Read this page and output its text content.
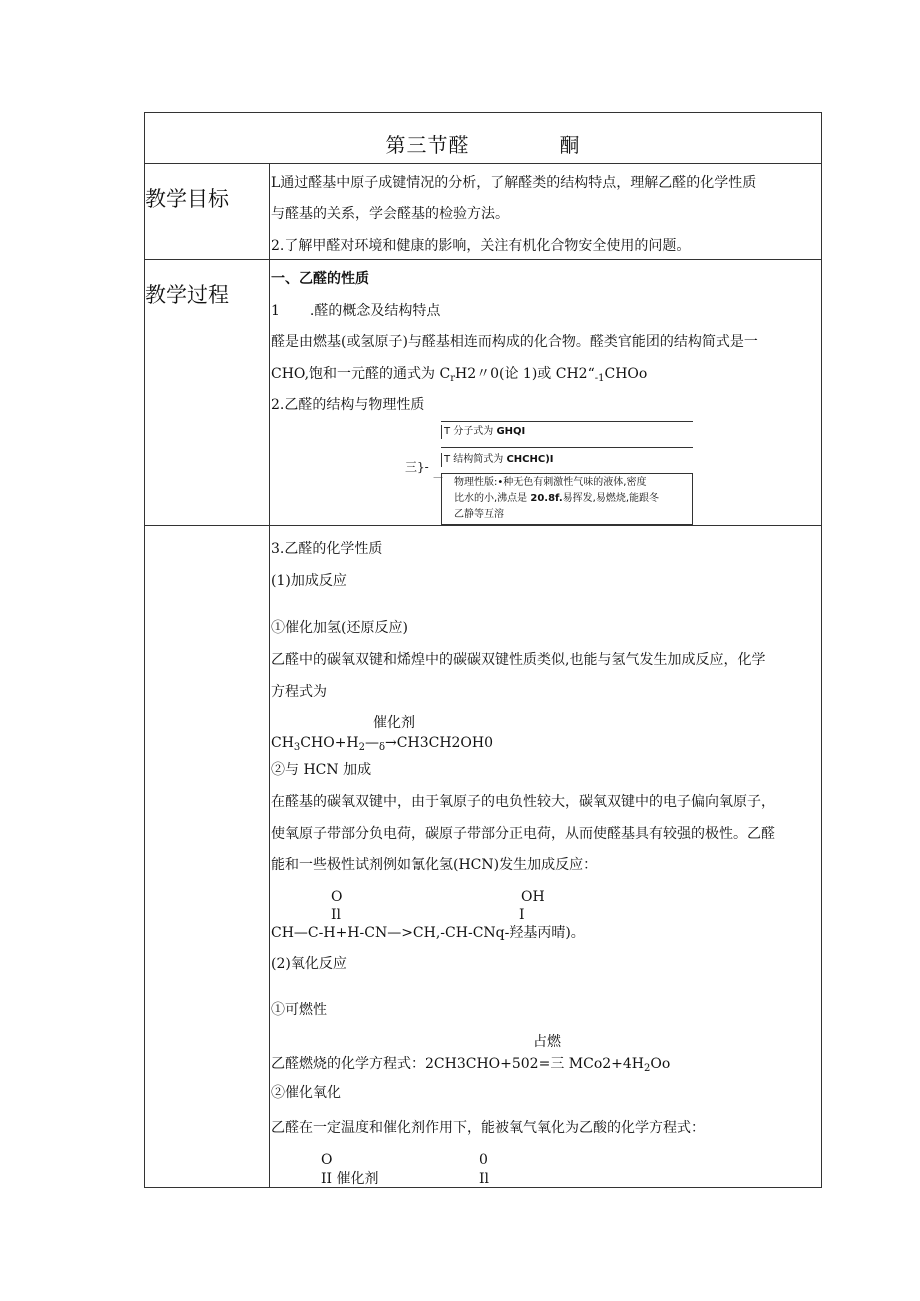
第三节醛	酮
教学目标
L通过醛基中原子成键情况的分析，了解醛类的结构特点，理解乙醛的化学性质
与醛基的关系，学会醛基的检验方法。
2.了解甲醛对环境和健康的影响，关注有机化合物安全使用的问题。
教学过程
一、乙醛的性质
1 .醛的概念及结构特点
醛是由燃基(或氢原子)与醛基相连而构成的化合物。醛类官能团的结构简式是一
CHO,饱和一元醛的通式为 $C_rH2$〃0(论 1)或 $CH2“_{-1}CHOo$
2.乙醛的结构与物理性质
三}-
T 分子式为 GHQI
T 结构简式为 CHCHC)I
一	物理性版:•种无色有刺激性气味的液体,密度
比水的小,沸点是 20.8f.易挥发,易燃烧,能跟冬
乙静等互溶
3.乙醛的化学性质
(1)加成反应
①催化加氢(还原反应)
乙醛中的碳氧双键和烯煌中的碳碳双键性质类似,也能与氢气发生加成反应，化学
方程式为
催化剂
$CH_3CHO+H_2—_\delta\to CH3CH2OH0$
②与 HCN 加成
在醛基的碳氧双键中，由于氧原子的电负性较大，碳氧双键中的电子偏向氧原子，
使氧原子带部分负电荷，碳原子带部分正电荷，从而使醛基具有较强的极性。乙醛
能和一些极性试剂例如氰化氢(HCN)发生加成反应：
O	OH
Il	I
CH—C-H+H-CN—>CH,-CH-CNq-羟基丙晴)。
(2)氧化反应
①可燃性
占燃
乙醛燃烧的化学方程式：2CH3CHO+502=三 $MCo2+4H_2Oo$
②催化氧化
乙醛在一定温度和催化剂作用下，能被氧气氧化为乙酸的化学方程式：
O	0
II 催化剂	Il
